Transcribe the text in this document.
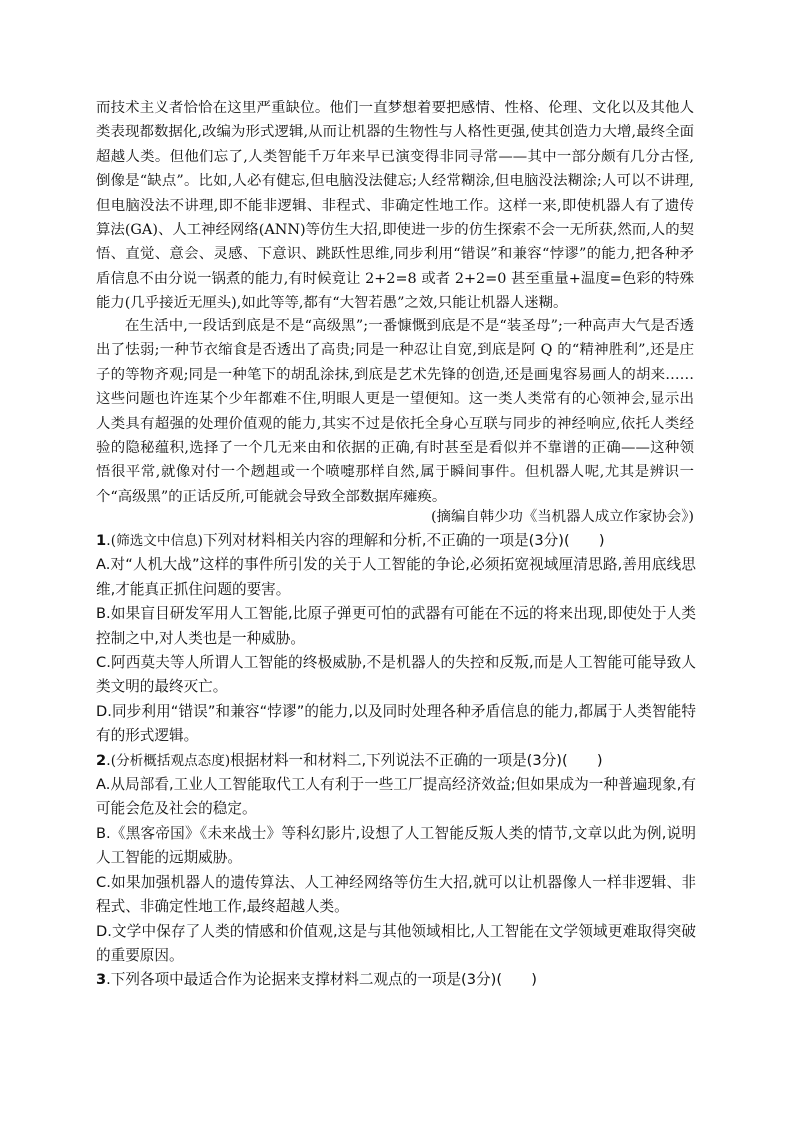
而技术主义者恰恰在这里严重缺位。他们一直梦想着要把感情、性格、伦理、文化以及其他人类表现都数据化,改编为形式逻辑,从而让机器的生物性与人格性更强,使其创造力大增,最终全面超越人类。但他们忘了,人类智能千万年来早已演变得非同寻常——其中一部分颇有几分古怪,倒像是“缺点”。比如,人必有健忘,但电脑没法健忘;人经常糊涂,但电脑没法糊涂;人可以不讲理,但电脑没法不讲理,即不能非逻辑、非程式、非确定性地工作。这样一来,即使机器人有了遗传算法(GA)、人工神经网络(ANN)等仿生大招,即使进一步的仿生探索不会一无所获,然而,人的契悟、直觉、意会、灵感、下意识、跳跃性思维,同步利用“错误”和兼容“悖谬”的能力,把各种矛盾信息不由分说一锅煮的能力,有时候竟让 2+2=8 或者 2+2=0 甚至重量+温度=色彩的特殊能力(几乎接近无厘头),如此等等,都有“大智若愚”之效,只能让机器人迷糊。

在生活中,一段话到底是不是“高级黑”;一番慷慨到底是不是“装圣母”;一种高声大气是否透出了怯弱;一种节衣缩食是否透出了高贵;同是一种忍让自宽,到底是阿 Q 的“精神胜利”,还是庄子的等物齐观;同是一种笔下的胡乱涂抹,到底是艺术先锋的创造,还是画鬼容易画人的胡来……这些问题也许连某个少年都难不住,明眼人更是一望便知。这一类人类常有的心领神会,显示出人类具有超强的处理价值观的能力,其实不过是依托全身心互联与同步的神经响应,依托人类经验的隐秘蕴积,选择了一个几无来由和依据的正确,有时甚至是看似并不靠谱的正确——这种领悟很平常,就像对付一个趔趄或一个喷嚏那样自然,属于瞬间事件。但机器人呢,尤其是辨识一个“高级黑”的正话反所,可能就会导致全部数据库瘫痪。

(摘编自韩少功《当机器人成立作家协会》)

1.(筛选文中信息)下列对材料相关内容的理解和分析,不正确的一项是(3分)(　　)

A.对“人机大战”这样的事件所引发的关于人工智能的争论,必须拓宽视域厘清思路,善用底线思维,才能真正抓住问题的要害。

B.如果盲目研发军用人工智能,比原子弹更可怕的武器有可能在不远的将来出现,即使处于人类控制之中,对人类也是一种威胁。

C.阿西莫夫等人所谓人工智能的终极威胁,不是机器人的失控和反叛,而是人工智能可能导致人类文明的最终灭亡。

D.同步利用“错误”和兼容“悖谬”的能力,以及同时处理各种矛盾信息的能力,都属于人类智能特有的形式逻辑。

2.(分析概括观点态度)根据材料一和材料二,下列说法不正确的一项是(3分)(　　)

A.从局部看,工业人工智能取代工人有利于一些工厂提高经济效益;但如果成为一种普遍现象,有可能会危及社会的稳定。

B.《黑客帝国》《未来战士》等科幻影片,设想了人工智能反叛人类的情节,文章以此为例,说明人工智能的远期威胁。

C.如果加强机器人的遗传算法、人工神经网络等仿生大招,就可以让机器像人一样非逻辑、非程式、非确定性地工作,最终超越人类。

D.文学中保存了人类的情感和价值观,这是与其他领域相比,人工智能在文学领域更难取得突破的重要原因。

3.下列各项中最适合作为论据来支撑材料二观点的一项是(3分)(　　)
